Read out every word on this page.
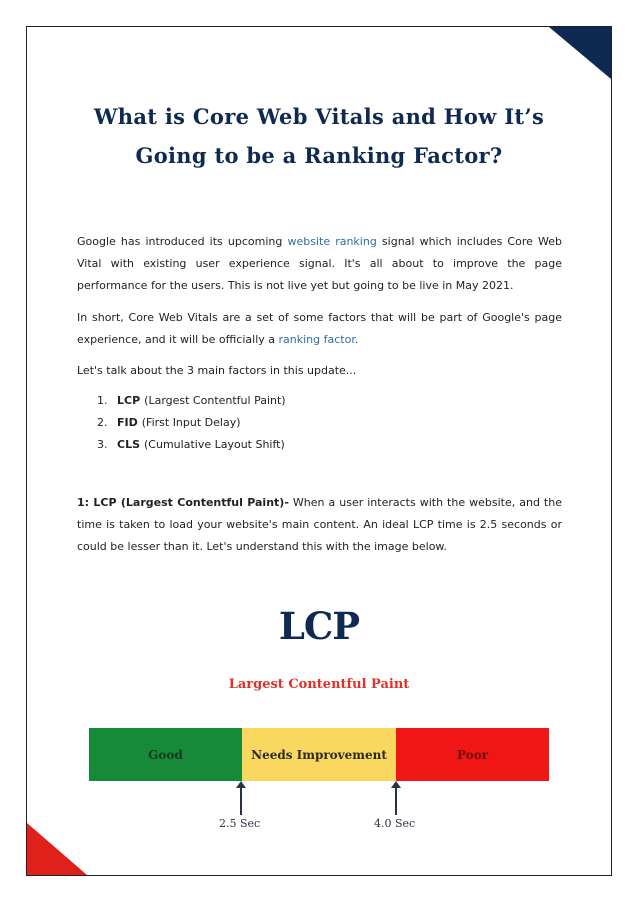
What is Core Web Vitals and How It’s
Going to be a Ranking Factor?
Google has introduced its upcoming website ranking signal which includes Core Web Vital with existing user experience signal. It's all about to improve the page performance for the users. This is not live yet but going to be live in May 2021.
In short, Core Web Vitals are a set of some factors that will be part of Google's page experience, and it will be officially a ranking factor.
Let's talk about the 3 main factors in this update...
1. LCP (Largest Contentful Paint)
2. FID (First Input Delay)
3. CLS (Cumulative Layout Shift)
1: LCP (Largest Contentful Paint)- When a user interacts with the website, and the time is taken to load your website's main content. An ideal LCP time is 2.5 seconds or could be lesser than it. Let's understand this with the image below.
LCP
Largest Contentful Paint
Good	Needs Improvement	Poor
2.5 Sec	4.0 Sec
